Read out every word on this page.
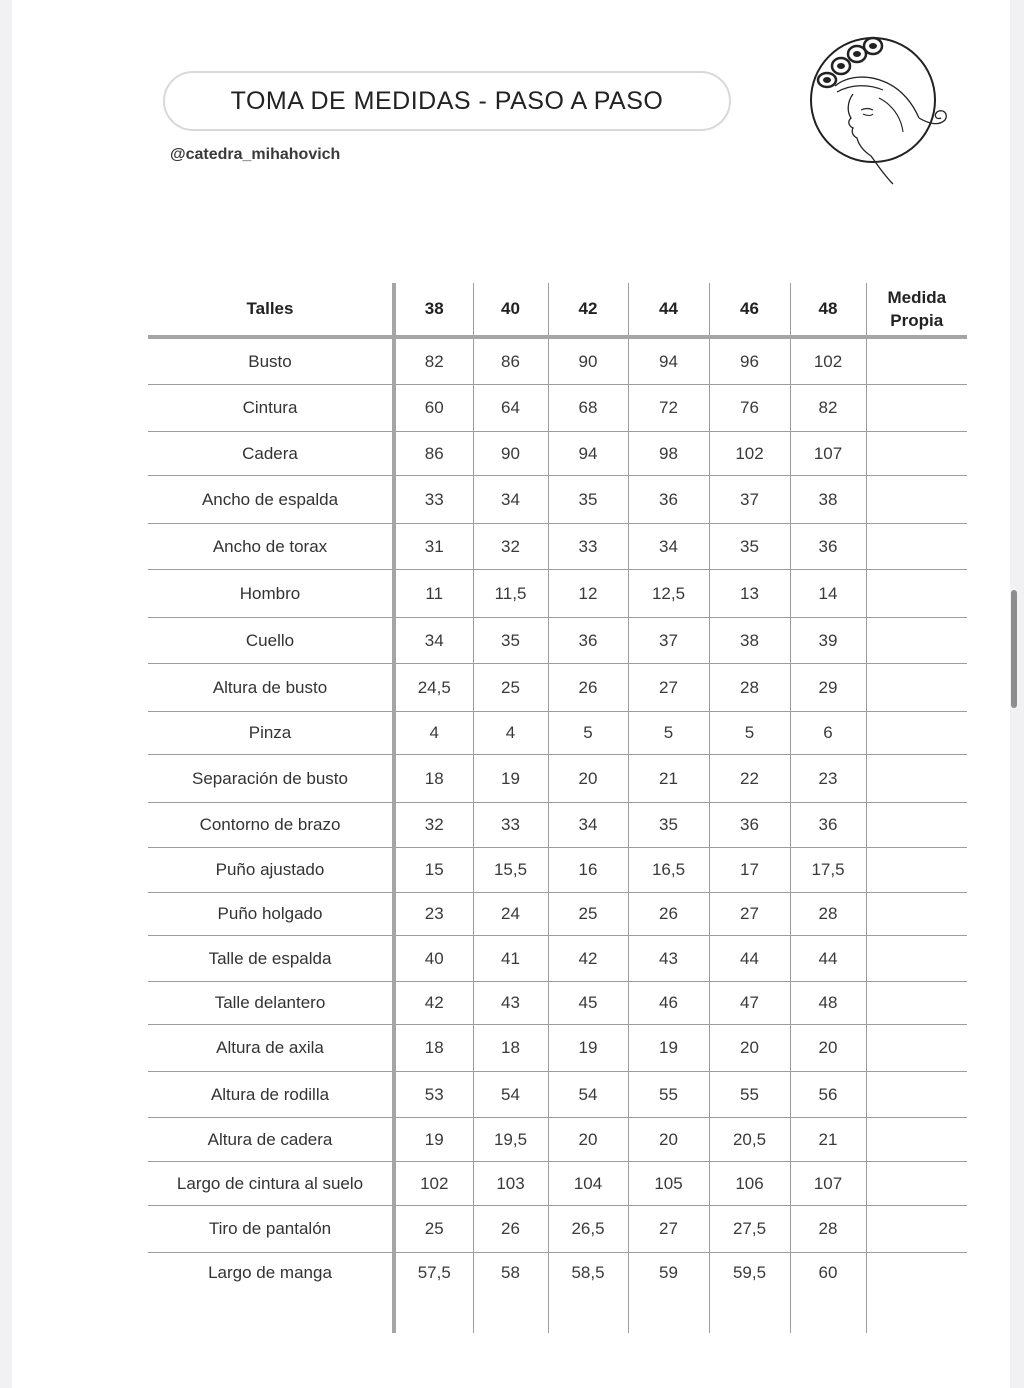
TOMA DE MEDIDAS - PASO A PASO
@catedra_mihahovich
Talles	38	40	42	44	46	48	Medida Propia
Busto	82	86	90	94	96	102	
Cintura	60	64	68	72	76	82	
Cadera	86	90	94	98	102	107	
Ancho de espalda	33	34	35	36	37	38	
Ancho de torax	31	32	33	34	35	36	
Hombro	11	11,5	12	12,5	13	14	
Cuello	34	35	36	37	38	39	
Altura de busto	24,5	25	26	27	28	29	
Pinza	4	4	5	5	5	6	
Separación de busto	18	19	20	21	22	23	
Contorno de brazo	32	33	34	35	36	36	
Puño ajustado	15	15,5	16	16,5	17	17,5	
Puño holgado	23	24	25	26	27	28	
Talle de espalda	40	41	42	43	44	44	
Talle delantero	42	43	45	46	47	48	
Altura de axila	18	18	19	19	20	20	
Altura de rodilla	53	54	54	55	55	56	
Altura de cadera	19	19,5	20	20	20,5	21	
Largo de cintura al suelo	102	103	104	105	106	107	
Tiro de pantalón	25	26	26,5	27	27,5	28	
Largo de manga	57,5	58	58,5	59	59,5	60	
